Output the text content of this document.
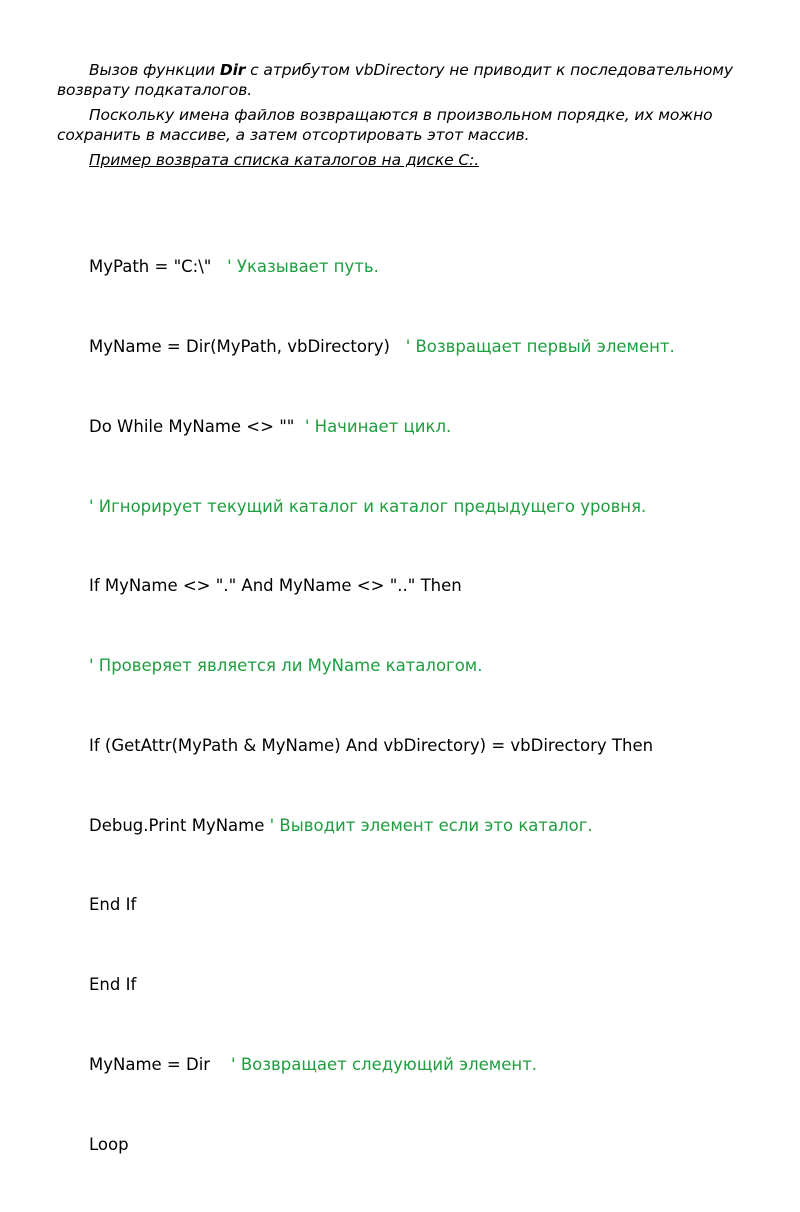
Вызов функции Dir с атрибутом vbDirectory не приводит к последовательному возврату подкаталогов.

Поскольку имена файлов возвращаются в произвольном порядке, их можно сохранить в массиве, а затем отсортировать этот массив.

Пример возврата списка каталогов на диске С:.

MyPath = "C:\"   ' Указывает путь.

MyName = Dir(MyPath, vbDirectory)   ' Возвращает первый элемент.

Do While MyName <> ""  ' Начинает цикл.

' Игнорирует текущий каталог и каталог предыдущего уровня.

If MyName <> "." And MyName <> ".." Then

' Проверяет является ли MyName каталогом.

If (GetAttr(MyPath & MyName) And vbDirectory) = vbDirectory Then

Debug.Print MyName ' Выводит элемент если это каталог.

End If

End If

MyName = Dir    ' Возвращает следующий элемент.

Loop
